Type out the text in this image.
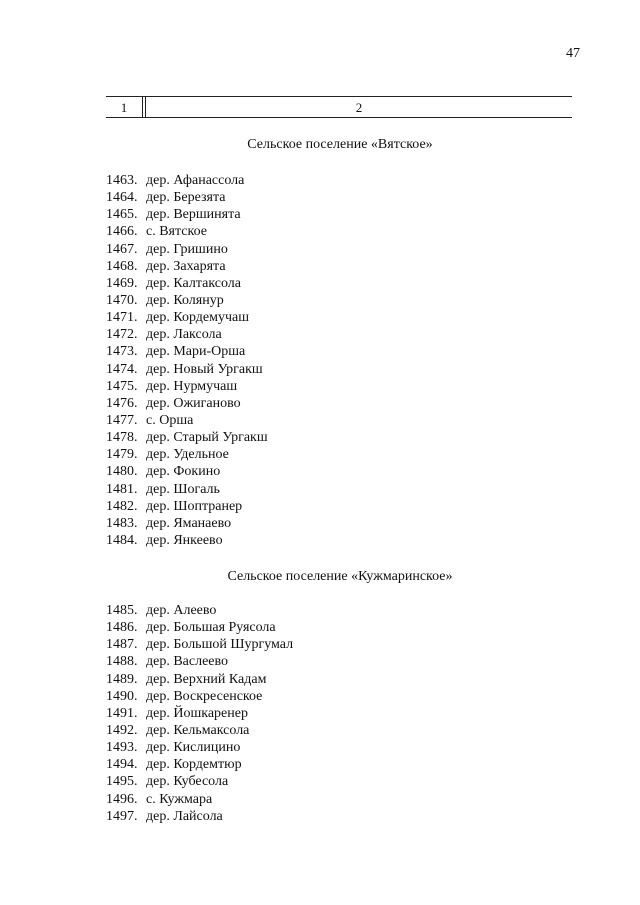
47
1	2
Сельское поселение «Вятское»
1463. дер. Афанассола
1464. дер. Березята
1465. дер. Вершинята
1466. с. Вятское
1467. дер. Гришино
1468. дер. Захарята
1469. дер. Калтаксола
1470. дер. Колянур
1471. дер. Кордемучаш
1472. дер. Лаксола
1473. дер. Мари-Орша
1474. дер. Новый Ургакш
1475. дер. Нурмучаш
1476. дер. Ожиганово
1477. с. Орша
1478. дер. Старый Ургакш
1479. дер. Удельное
1480. дер. Фокино
1481. дер. Шогаль
1482. дер. Шоптранер
1483. дер. Яманаево
1484. дер. Янкеево
Сельское поселение «Кужмаринское»
1485. дер. Алеево
1486. дер. Большая Руясола
1487. дер. Большой Шургумал
1488. дер. Васлеево
1489. дер. Верхний Кадам
1490. дер. Воскресенское
1491. дер. Йошкаренер
1492. дер. Кельмаксола
1493. дер. Кислицино
1494. дер. Кордемтюр
1495. дер. Кубесола
1496. с. Кужмара
1497. дер. Лайсола
